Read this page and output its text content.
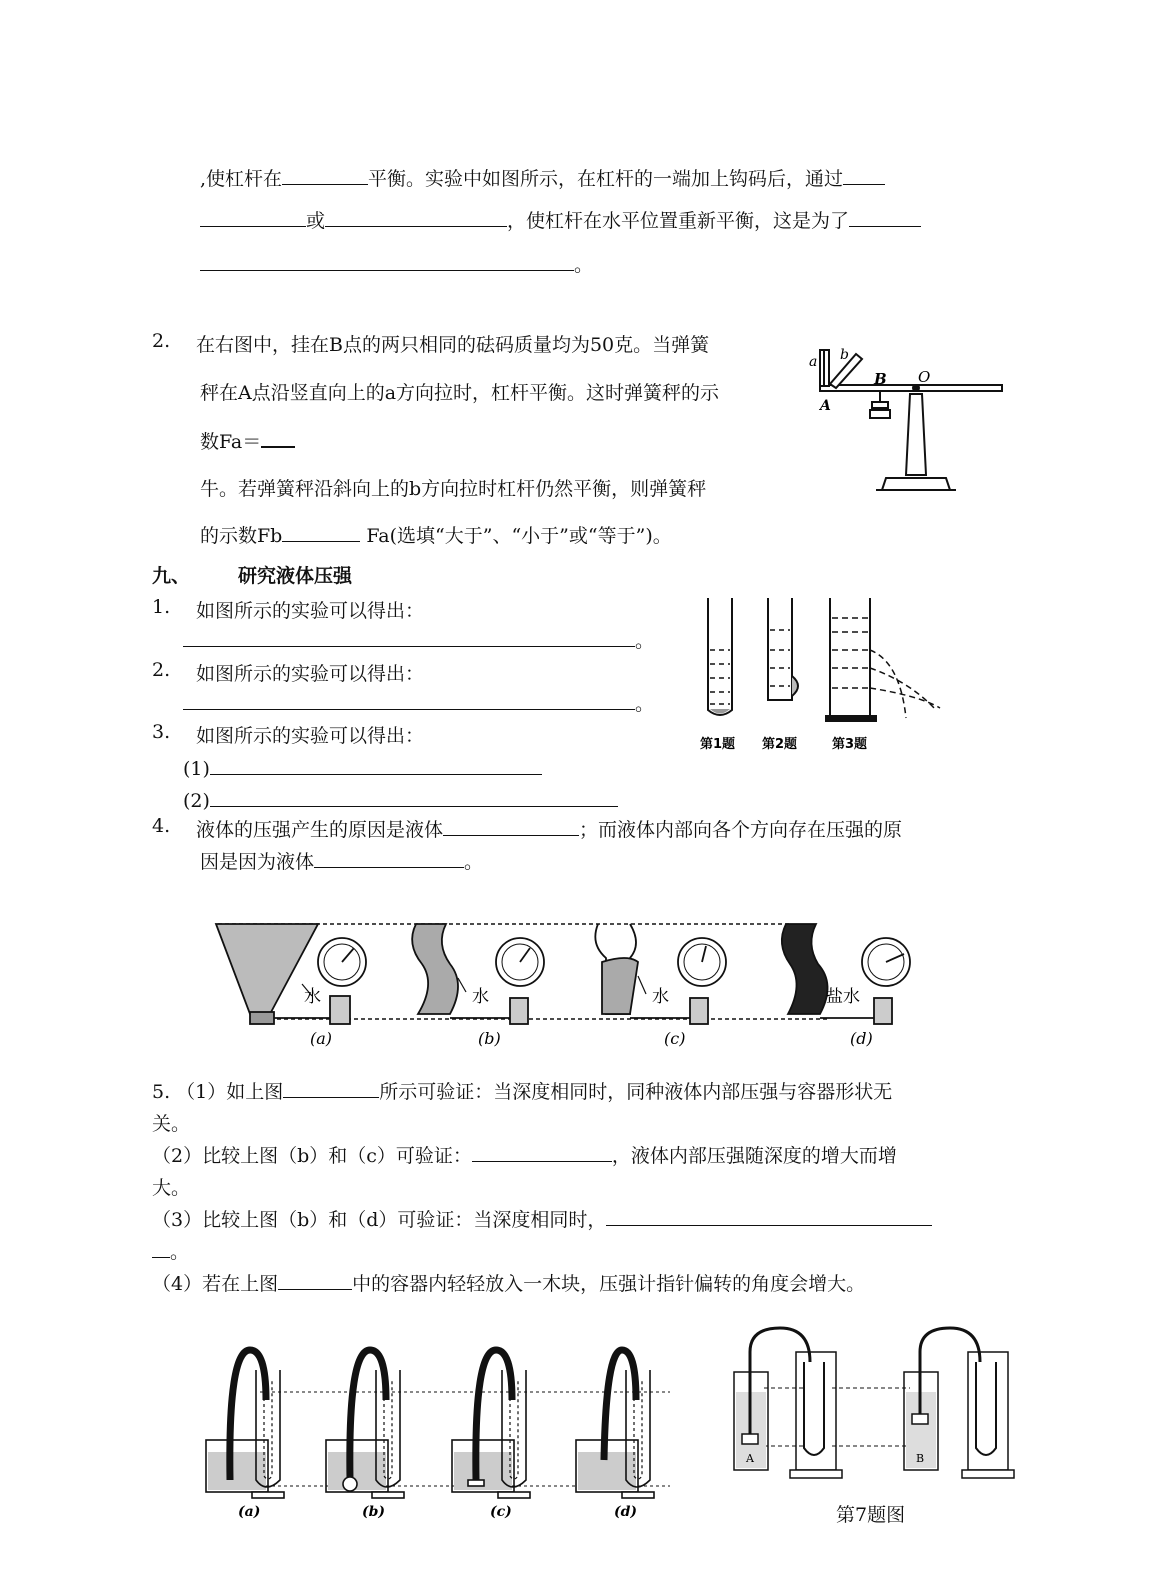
,使杠杆在	平衡。实验中如图所示，在杠杆的一端加上钩码后，通过
或	，使杠杆在水平位置重新平衡，这是为了
。
2. 在右图中，挂在B点的两只相同的砝码质量均为50克。当弹簧
秤在A点沿竖直向上的a方向拉时，杠杆平衡。这时弹簧秤的示
数Fa＝
牛。若弹簧秤沿斜向上的b方向拉时杠杆仍然平衡，则弹簧秤
的示数Fb	Fa(选填“大于”、“小于”或“等于”)。
a b
B O
A
九、	研究液体压强
1. 如图所示的实验可以得出：
。
2. 如图所示的实验可以得出：
。
3. 如图所示的实验可以得出：
(1)
(2)
第1题 第2题	第3题
4. 液体的压强产生的原因是液体	；而液体内部向各个方向存在压强的原
因是因为液体	。
水	水	水	盐水
(a)	(b)	(c)	(d)
5. （1）如上图	所示可验证：当深度相同时，同种液体内部压强与容器形状无
关。
（2）比较上图（b）和（c）可验证：	，液体内部压强随深度的增大而增
大。
（3）比较上图（b）和（d）可验证：当深度相同时，
。
（4）若在上图	中的容器内轻轻放入一木块，压强计指针偏转的角度会增大。
(a)	(b)	(c)	(d)
A	B
第7题图
